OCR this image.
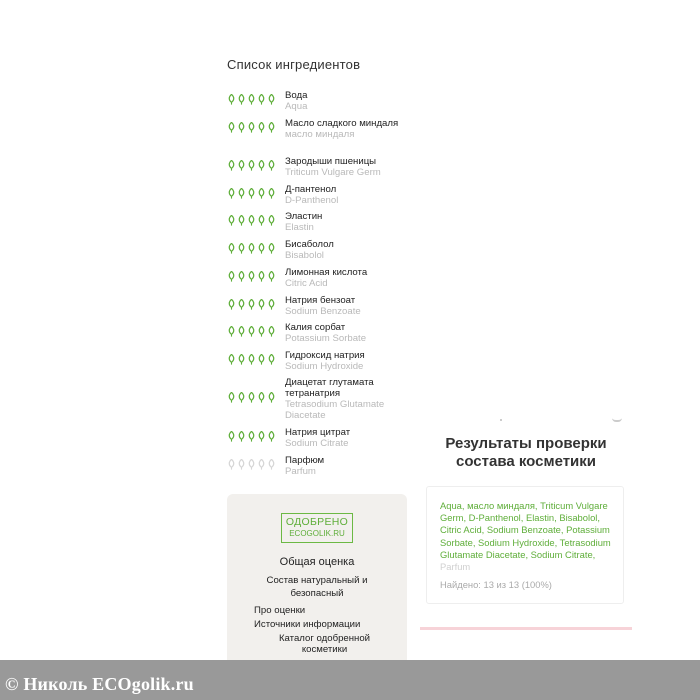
Список ингредиентов
Вода
Aqua
Масло сладкого миндаля
масло миндаля
Зародыши пшеницы
Triticum Vulgare Germ
Д-пантенол
D-Panthenol
Эластин
Elastin
Бисаболол
Bisabolol
Лимонная кислота
Citric Acid
Натрия бензоат
Sodium Benzoate
Калия сорбат
Potassium Sorbate
Гидроксид натрия
Sodium Hydroxide
Диацетат глутамата тетранатрия
Tetrasodium Glutamate Diacetate
Натрия цитрат
Sodium Citrate
Парфюм
Parfum
ОДОБРЕНО
ECOGOLIK.RU
Общая оценка
Состав натуральный и безопасный
Про оценки
Источники информации
Каталог одобренной косметики
Результаты проверки состава косметики
Aqua, масло миндаля, Triticum Vulgare Germ, D-Panthenol, Elastin, Bisabolol, Citric Acid, Sodium Benzoate, Potassium Sorbate, Sodium Hydroxide, Tetrasodium Glutamate Diacetate, Sodium Citrate, Parfum
Найдено: 13 из 13 (100%)
© Николь ECOgolik.ru
